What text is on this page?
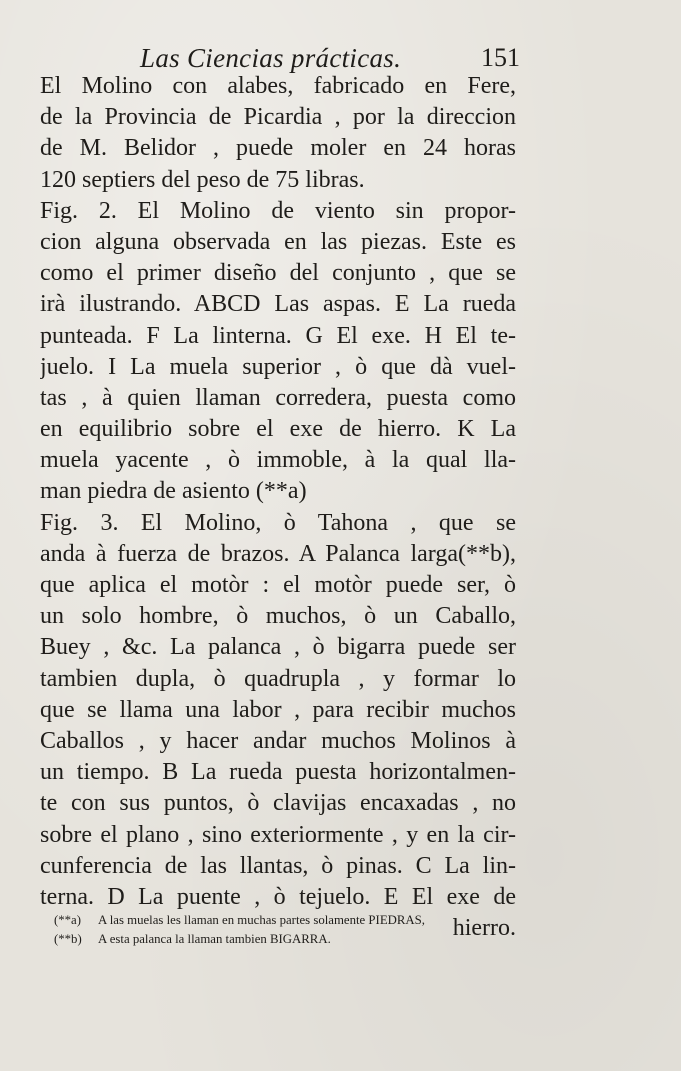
Las Ciencias prácticas.	151
El Molino con alabes, fabricado en Fere,
de la Provincia de Picardia , por la direccion
de M. Belidor , puede moler en 24 horas
120 septiers del peso de 75 libras.
Fig. 2. El Molino de viento sin propor-
cion alguna observada en las piezas. Este es
como el primer diseño del conjunto , que se
irà ilustrando. ABCD Las aspas. E La rueda
punteada. F La linterna. G El exe. H El te-
juelo. I La muela superior , ò que dà vuel-
tas , à quien llaman corredera, puesta como
en equilibrio sobre el exe de hierro. K La
muela yacente , ò immoble, à la qual lla-
man piedra de asiento (**a)
Fig. 3. El Molino, ò Tahona , que se
anda à fuerza de brazos. A Palanca larga(**b),
que aplica el motòr : el motòr puede ser, ò
un solo hombre, ò muchos, ò un Caballo,
Buey , &c. La palanca , ò bigarra puede ser
tambien dupla, ò quadrupla , y formar lo
que se llama una labor , para recibir muchos
Caballos , y hacer andar muchos Molinos à
un tiempo. B La rueda puesta horizontalmen-
te con sus puntos, ò clavijas encaxadas , no
sobre el plano , sino exteriormente , y en la cir-
cunferencia de las llantas, ò pinas. C La lin-
terna. D La puente , ò tejuelo. E El exe de
hierro.
(**a) A las muelas les llaman en muchas partes solamente PIEDRAS,
(**b) A esta palanca la llaman tambien BIGARRA.
